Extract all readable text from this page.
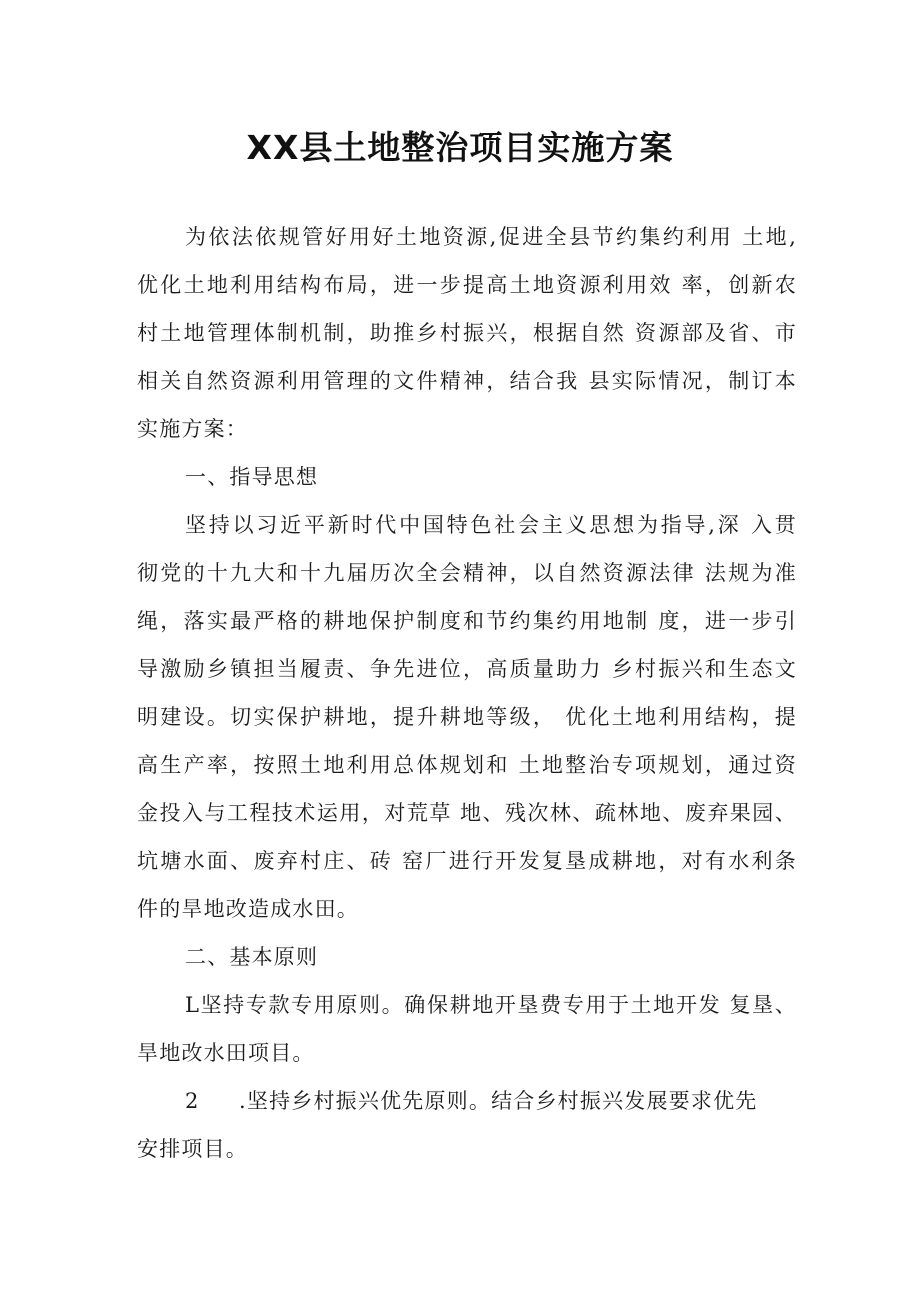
XX县土地整治项目实施方案
为依法依规管好用好土地资源,促进全县节约集约利用 土地,
优化土地利用结构布局，进一步提高土地资源利用效 率，创新农
村土地管理体制机制，助推乡村振兴，根据自然 资源部及省、市
相关自然资源利用管理的文件精神，结合我 县实际情况，制订本
实施方案：
一、指导思想
坚持以习近平新时代中国特色社会主义思想为指导,深 入贯
彻党的十九大和十九届历次全会精神，以自然资源法律 法规为准
绳，落实最严格的耕地保护制度和节约集约用地制 度，进一步引
导激励乡镇担当履责、争先进位，高质量助力 乡村振兴和生态文
明建设。切实保护耕地，提升耕地等级， 优化土地利用结构，提
高生产率，按照土地利用总体规划和 土地整治专项规划，通过资
金投入与工程技术运用，对荒草 地、残次林、疏林地、废弃果园、
坑塘水面、废弃村庄、砖 窑厂进行开发复垦成耕地，对有水利条
件的旱地改造成水田。
二、基本原则
L坚持专款专用原则。确保耕地开垦费专用于土地开发 复垦、
旱地改水田项目。
2 .坚持乡村振兴优先原则。结合乡村振兴发展要求优先
安排项目。
